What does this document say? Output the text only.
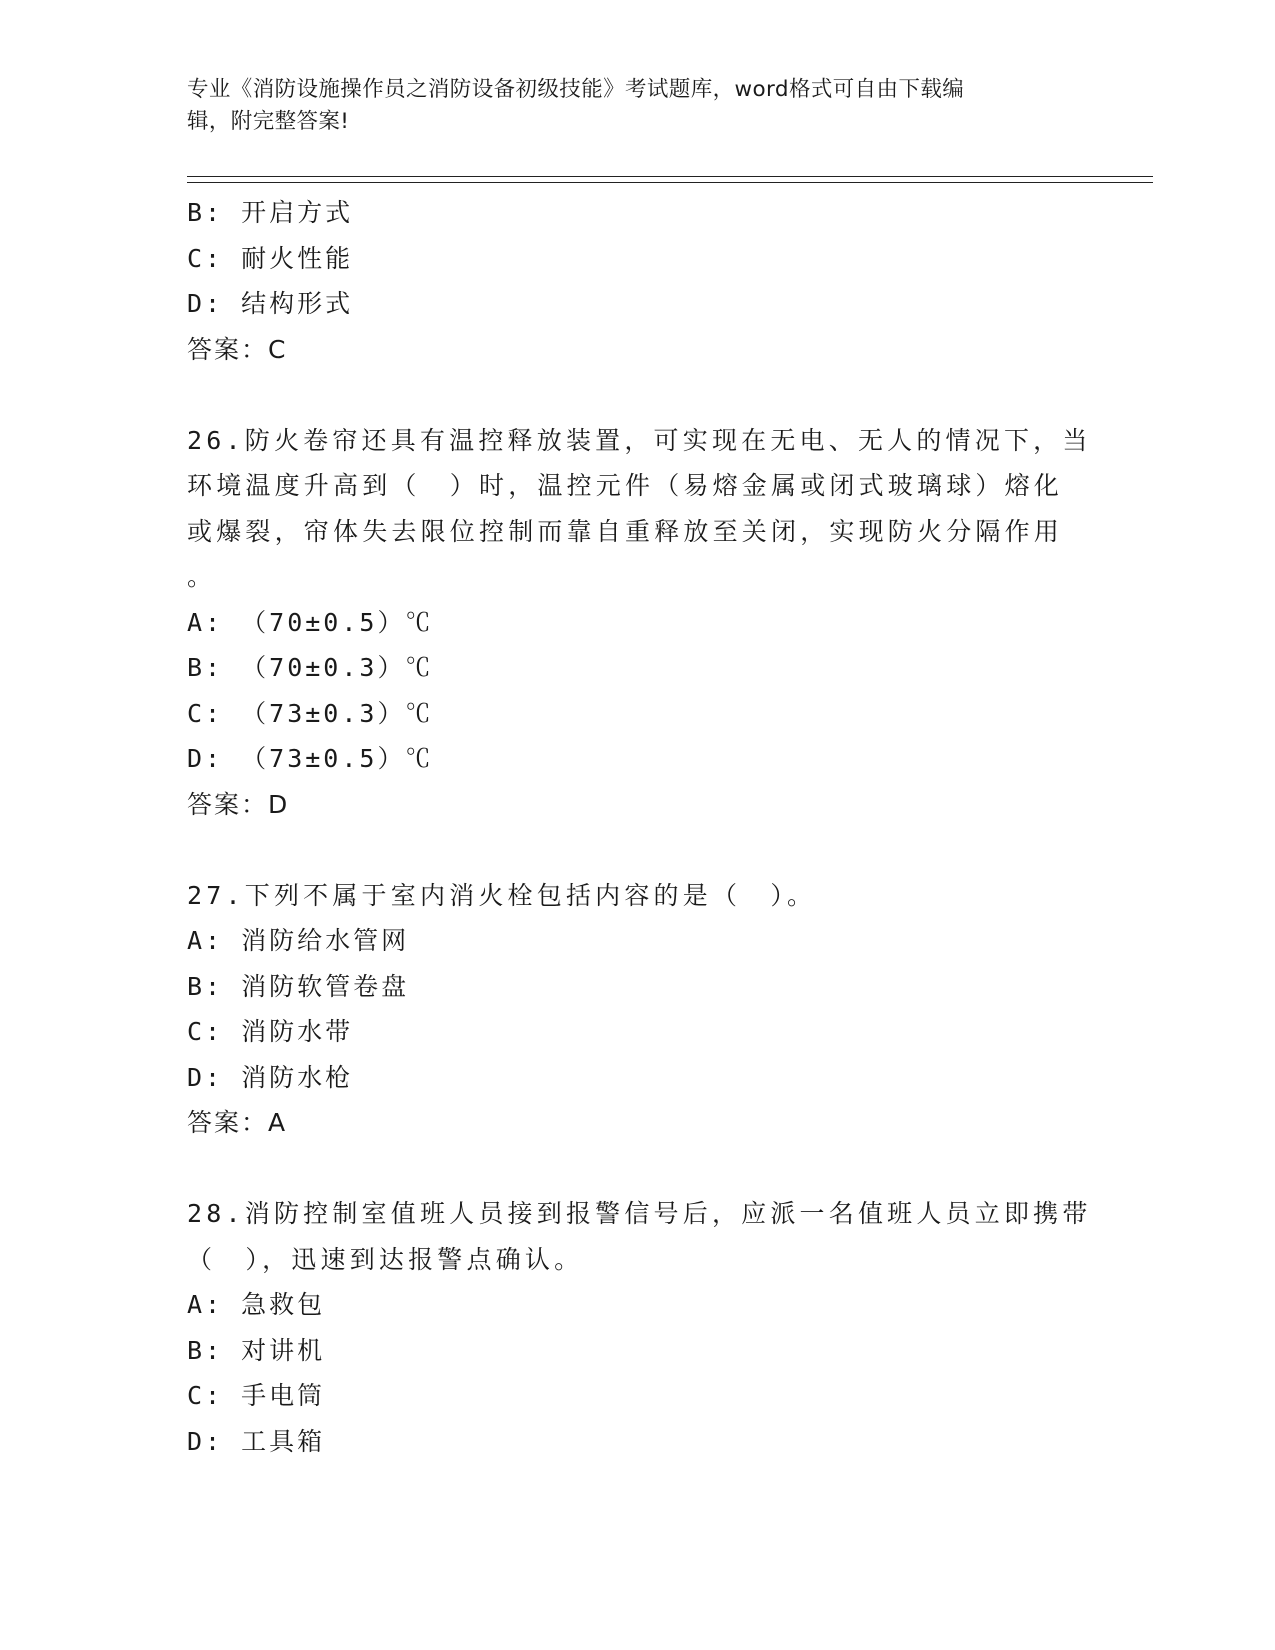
专业《消防设施操作员之消防设备初级技能》考试题库，word格式可自由下载编
辑，附完整答案!
B: 开启方式
C: 耐火性能
D: 结构形式
答案：C
26.防火卷帘还具有温控释放装置，可实现在无电、无人的情况下，当
环境温度升高到（　）时，温控元件（易熔金属或闭式玻璃球）熔化
或爆裂，帘体失去限位控制而靠自重释放至关闭，实现防火分隔作用
。
A: （70±0.5）℃
B: （70±0.3）℃
C: （73±0.3）℃
D: （73±0.5）℃
答案：D
27.下列不属于室内消火栓包括内容的是（　）。
A: 消防给水管网
B: 消防软管卷盘
C: 消防水带
D: 消防水枪
答案：A
28.消防控制室值班人员接到报警信号后，应派一名值班人员立即携带
（　），迅速到达报警点确认。
A: 急救包
B: 对讲机
C: 手电筒
D: 工具箱
